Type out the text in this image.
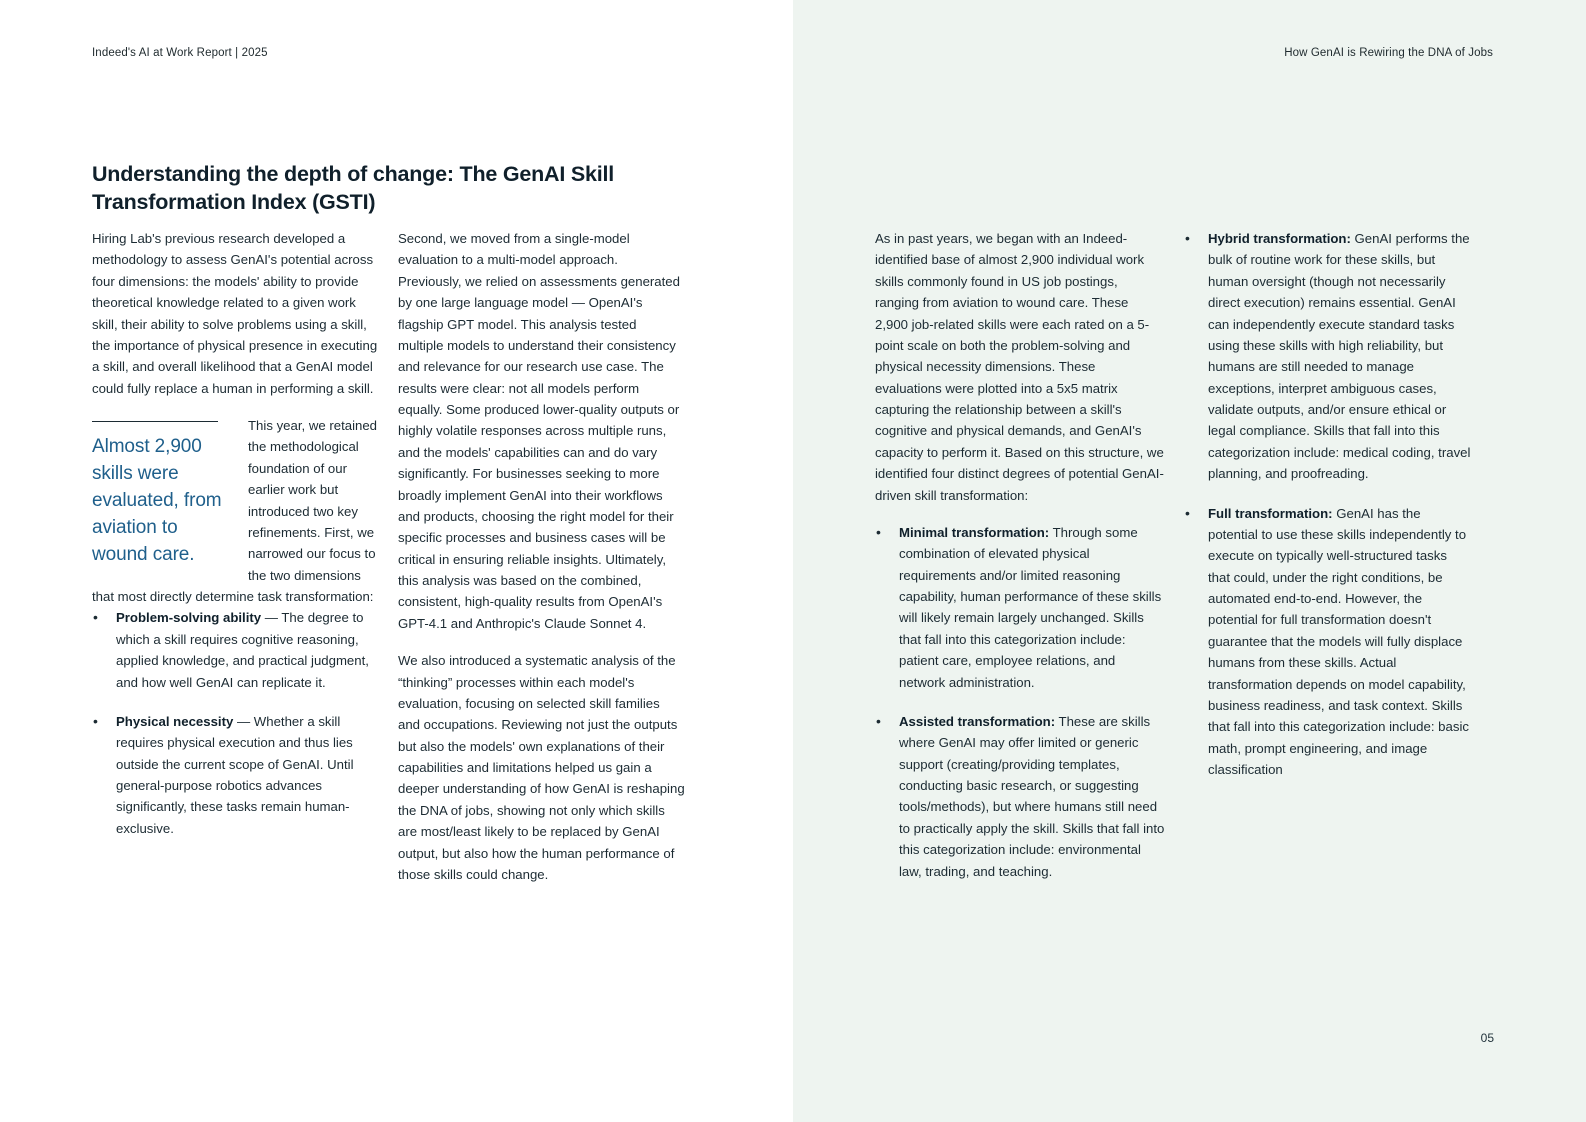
Indeed's AI at Work Report | 2025
Understanding the depth of change: The GenAI Skill Transformation Index (GSTI)

Hiring Lab's previous research developed a methodology to assess GenAI's potential across four dimensions: the models' ability to provide theoretical knowledge related to a given work skill, their ability to solve problems using a skill, the importance of physical presence in executing a skill, and overall likelihood that a GenAI model could fully replace a human in performing a skill.

Almost 2,900 skills were evaluated, from aviation to wound care.

This year, we retained the methodological foundation of our earlier work but introduced two key refinements. First, we narrowed our focus to the two dimensions that most directly determine task transformation:

• Problem-solving ability — The degree to which a skill requires cognitive reasoning, applied knowledge, and practical judgment, and how well GenAI can replicate it.
• Physical necessity — Whether a skill requires physical execution and thus lies outside the current scope of GenAI. Until general-purpose robotics advances significantly, these tasks remain human-exclusive.

Second, we moved from a single-model evaluation to a multi-model approach. Previously, we relied on assessments generated by one large language model — OpenAI's flagship GPT model. This analysis tested multiple models to understand their consistency and relevance for our research use case. The results were clear: not all models perform equally. Some produced lower-quality outputs or highly volatile responses across multiple runs, and the models' capabilities can and do vary significantly. For businesses seeking to more broadly implement GenAI into their workflows and products, choosing the right model for their specific processes and business cases will be critical in ensuring reliable insights. Ultimately, this analysis was based on the combined, consistent, high-quality results from OpenAI's GPT-4.1 and Anthropic's Claude Sonnet 4.

We also introduced a systematic analysis of the “thinking” processes within each model's evaluation, focusing on selected skill families and occupations. Reviewing not just the outputs but also the models' own explanations of their capabilities and limitations helped us gain a deeper understanding of how GenAI is reshaping the DNA of jobs, showing not only which skills are most/least likely to be replaced by GenAI output, but also how the human performance of those skills could change.

How GenAI is Rewiring the DNA of Jobs

As in past years, we began with an Indeed-identified base of almost 2,900 individual work skills commonly found in US job postings, ranging from aviation to wound care. These 2,900 job-related skills were each rated on a 5-point scale on both the problem-solving and physical necessity dimensions. These evaluations were plotted into a 5x5 matrix capturing the relationship between a skill's cognitive and physical demands, and GenAI's capacity to perform it. Based on this structure, we identified four distinct degrees of potential GenAI-driven skill transformation:

• Minimal transformation: Through some combination of elevated physical requirements and/or limited reasoning capability, human performance of these skills will likely remain largely unchanged. Skills that fall into this categorization include: patient care, employee relations, and network administration.
• Assisted transformation: These are skills where GenAI may offer limited or generic support (creating/providing templates, conducting basic research, or suggesting tools/methods), but where humans still need to practically apply the skill. Skills that fall into this categorization include: environmental law, trading, and teaching.
• Hybrid transformation: GenAI performs the bulk of routine work for these skills, but human oversight (though not necessarily direct execution) remains essential. GenAI can independently execute standard tasks using these skills with high reliability, but humans are still needed to manage exceptions, interpret ambiguous cases, validate outputs, and/or ensure ethical or legal compliance. Skills that fall into this categorization include: medical coding, travel planning, and proofreading.
• Full transformation: GenAI has the potential to use these skills independently to execute on typically well-structured tasks that could, under the right conditions, be automated end-to-end. However, the potential for full transformation doesn't guarantee that the models will fully displace humans from these skills. Actual transformation depends on model capability, business readiness, and task context. Skills that fall into this categorization include: basic math, prompt engineering, and image classification
05
